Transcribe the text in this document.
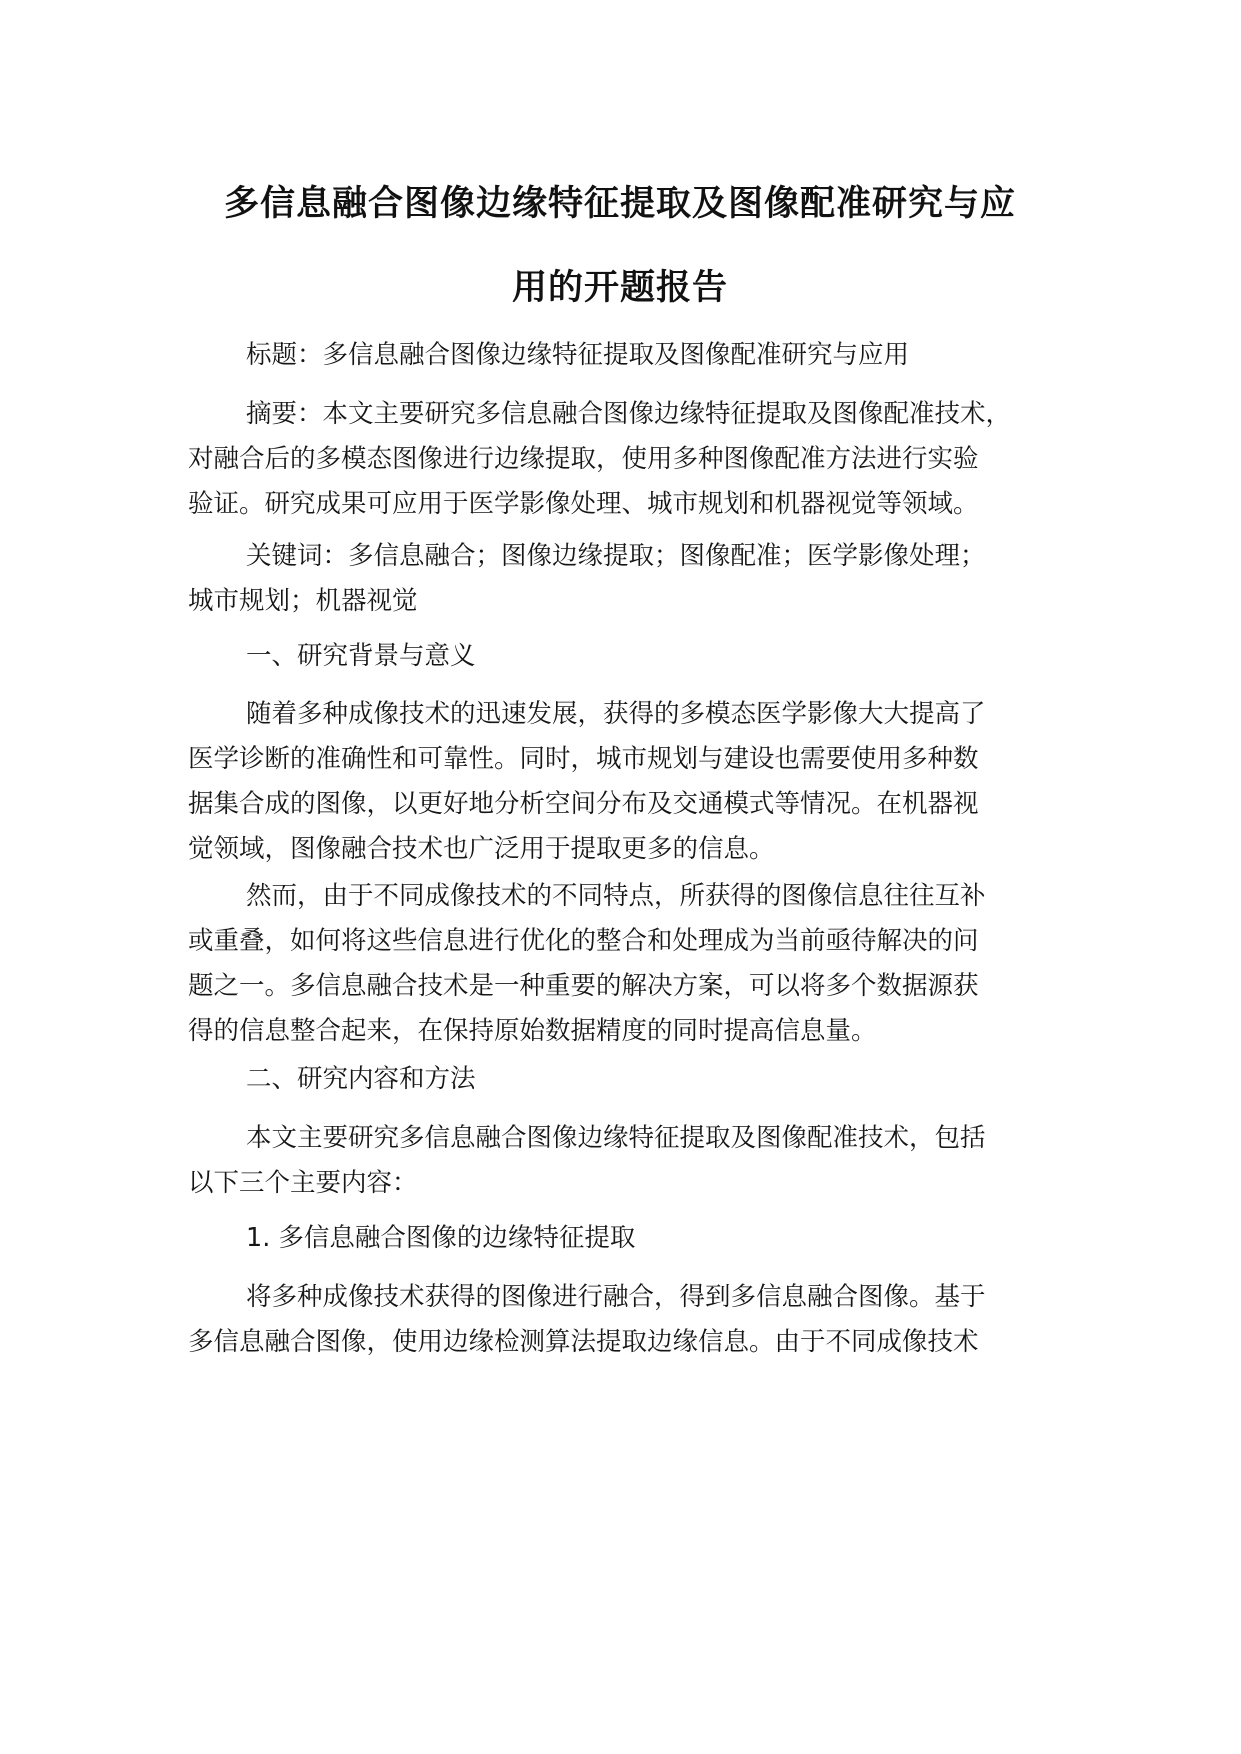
多信息融合图像边缘特征提取及图像配准研究与应
用的开题报告
标题：多信息融合图像边缘特征提取及图像配准研究与应用
摘要：本文主要研究多信息融合图像边缘特征提取及图像配准技术，
对融合后的多模态图像进行边缘提取，使用多种图像配准方法进行实验
验证。研究成果可应用于医学影像处理、城市规划和机器视觉等领域。
关键词：多信息融合；图像边缘提取；图像配准；医学影像处理；
城市规划；机器视觉
一、研究背景与意义
随着多种成像技术的迅速发展，获得的多模态医学影像大大提高了
医学诊断的准确性和可靠性。同时，城市规划与建设也需要使用多种数
据集合成的图像，以更好地分析空间分布及交通模式等情况。在机器视
觉领域，图像融合技术也广泛用于提取更多的信息。
然而，由于不同成像技术的不同特点，所获得的图像信息往往互补
或重叠，如何将这些信息进行优化的整合和处理成为当前亟待解决的问
题之一。多信息融合技术是一种重要的解决方案，可以将多个数据源获
得的信息整合起来，在保持原始数据精度的同时提高信息量。
二、研究内容和方法
本文主要研究多信息融合图像边缘特征提取及图像配准技术，包括
以下三个主要内容：
1. 多信息融合图像的边缘特征提取
将多种成像技术获得的图像进行融合，得到多信息融合图像。基于
多信息融合图像，使用边缘检测算法提取边缘信息。由于不同成像技术
